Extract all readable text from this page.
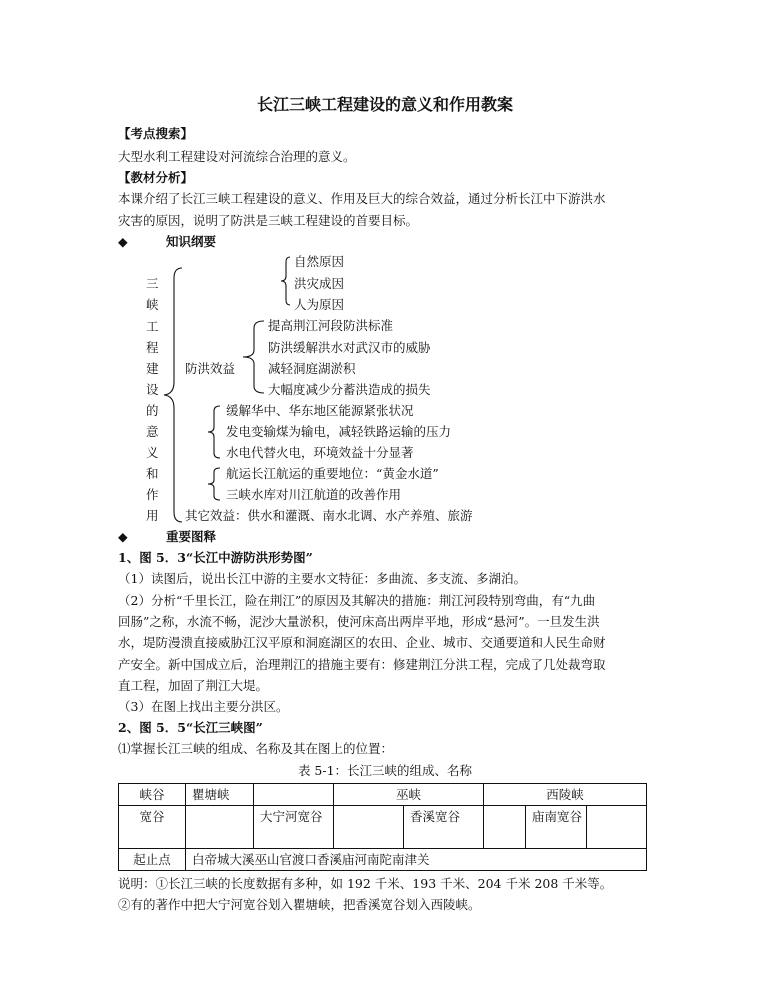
长江三峡工程建设的意义和作用教案
【考点搜索】
大型水利工程建设对河流综合治理的意义。
【教材分析】
本课介绍了长江三峡工程建设的意义、作用及巨大的综合效益，通过分析长江中下游洪水
灾害的原因，说明了防洪是三峡工程建设的首要目标。
◆	知识纲要
三
峡
工
程
建
设
的
意
义
和
作
用
自然原因
洪灾成因
人为原因
防洪效益
提高荆江河段防洪标准
防洪缓解洪水对武汉市的威胁
减轻洞庭湖淤积
大幅度减少分蓄洪造成的损失
缓解华中、华东地区能源紧张状况
发电变输煤为输电，减轻铁路运输的压力
水电代替火电，环境效益十分显著
航运长江航运的重要地位：“黄金水道”
三峡水库对川江航道的改善作用
其它效益：供水和灌溉、南水北调、水产养殖、旅游
◆	重要图释
1、图 5．3“长江中游防洪形势图”
（1）读图后，说出长江中游的主要水文特征：多曲流、多支流、多湖泊。
（2）分析“千里长江，险在荆江”的原因及其解决的措施：荆江河段特别弯曲，有“九曲
回肠”之称，水流不畅，泥沙大量淤积，使河床高出两岸平地，形成“悬河”。一旦发生洪
水，堤防漫溃直接威胁江汉平原和洞庭湖区的农田、企业、城市、交通要道和人民生命财
产安全。新中国成立后，治理荆江的措施主要有：修建荆江分洪工程，完成了几处裁弯取
直工程，加固了荆江大堤。
（3）在图上找出主要分洪区。
2、图 5．5“长江三峡图”
⑴掌握长江三峡的组成、名称及其在图上的位置：
表 5-1：长江三峡的组成、名称
峡谷	瞿塘峡		巫峡		西陵峡		
宽谷		大宁河宽谷		香溪宽谷		庙南宽谷	
起止点	白帝城大溪巫山官渡口香溪庙河南陀南津关						
说明：①长江三峡的长度数据有多种，如 192 千米、193 千米、204 千米 208 千米等。
②有的著作中把大宁河宽谷划入瞿塘峡，把香溪宽谷划入西陵峡。
